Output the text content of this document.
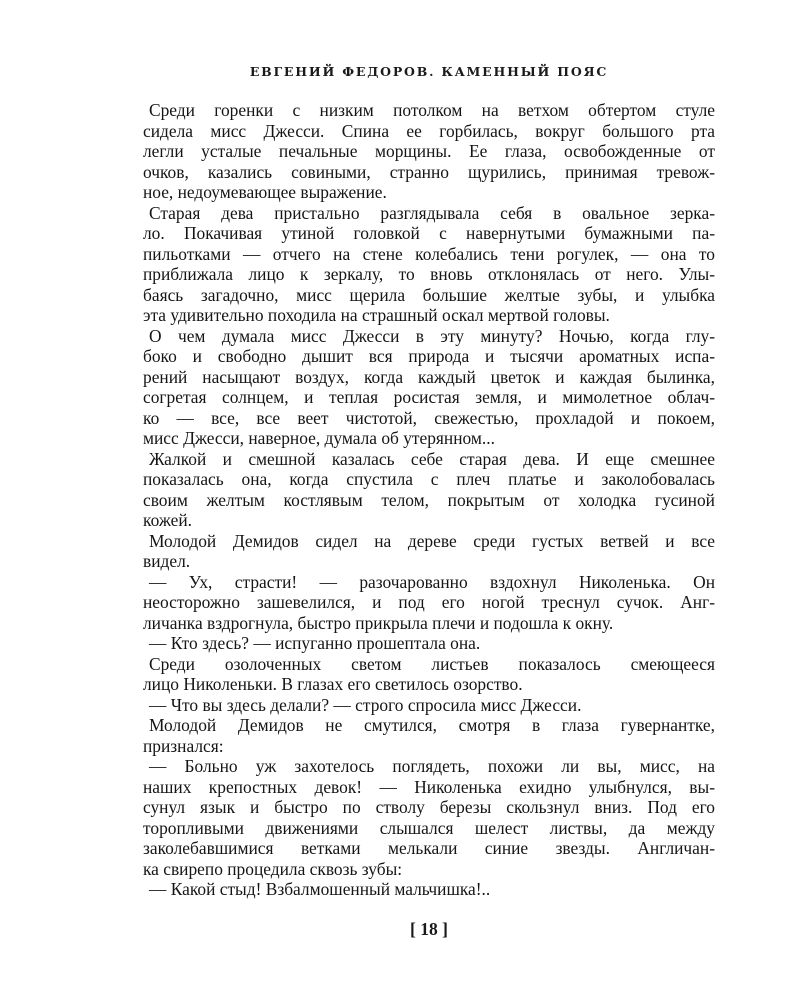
ЕВГЕНИЙ ФЕДОРОВ. КАМЕННЫЙ ПОЯС

Среди горенки с низким потолком на ветхом обтертом стуле
сидела мисс Джесси. Спина ее горбилась, вокруг большого рта
легли усталые печальные морщины. Ее глаза, освобожденные от
очков, казались совиными, странно щурились, принимая тревож-
ное, недоумевающее выражение.

Старая дева пристально разглядывала себя в овальное зерка-
ло. Покачивая утиной головкой с навернутыми бумажными па-
пильотками — отчего на стене колебались тени рогулек, — она то
приближала лицо к зеркалу, то вновь отклонялась от него. Улы-
баясь загадочно, мисс щерила большие желтые зубы, и улыбка
эта удивительно походила на страшный оскал мертвой головы.

О чем думала мисс Джесси в эту минуту? Ночью, когда глу-
боко и свободно дышит вся природа и тысячи ароматных испа-
рений насыщают воздух, когда каждый цветок и каждая былинка,
согретая солнцем, и теплая росистая земля, и мимолетное облач-
ко — все, все веет чистотой, свежестью, прохладой и покоем,
мисс Джесси, наверное, думала об утерянном...

Жалкой и смешной казалась себе старая дева. И еще смешнее
показалась она, когда спустила с плеч платье и заколобовалась
своим желтым костлявым телом, покрытым от холодка гусиной
кожей.

Молодой Демидов сидел на дереве среди густых ветвей и все
видел.

— Ух, страсти! — разочарованно вздохнул Николенька. Он
неосторожно зашевелился, и под его ногой треснул сучок. Анг-
личанка вздрогнула, быстро прикрыла плечи и подошла к окну.

— Кто здесь? — испуганно прошептала она.

Среди озолоченных светом листьев показалось смеющееся
лицо Николеньки. В глазах его светилось озорство.

— Что вы здесь делали? — строго спросила мисс Джесси.

Молодой Демидов не смутился, смотря в глаза гувернантке,
признался:

— Больно уж захотелось поглядеть, похожи ли вы, мисс, на
наших крепостных девок! — Николенька ехидно улыбнулся, вы-
сунул язык и быстро по стволу березы скользнул вниз. Под его
торопливыми движениями слышался шелест листвы, да между
заколебавшимися ветками мелькали синие звезды. Англичан-
ка свирепо процедила сквозь зубы:

— Какой стыд! Взбалмошенный мальчишка!..

[ 18 ]
